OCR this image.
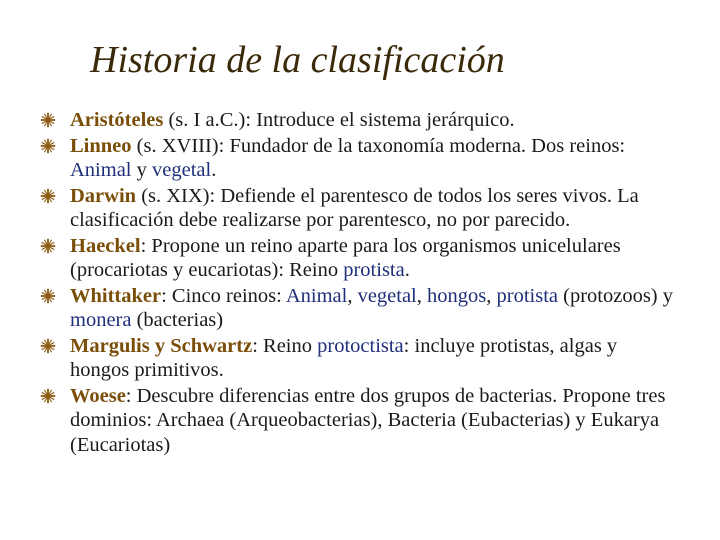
Historia de la clasificación
Aristóteles (s. I a.C.): Introduce el sistema jerárquico.
Linneo (s. XVIII): Fundador de la taxonomía moderna. Dos reinos: Animal y vegetal.
Darwin (s. XIX): Defiende el parentesco de todos los seres vivos. La clasificación debe realizarse por parentesco, no por parecido.
Haeckel: Propone un reino aparte para los organismos unicelulares (procariotas y eucariotas): Reino protista.
Whittaker: Cinco reinos: Animal, vegetal, hongos, protista (protozoos) y monera (bacterias)
Margulis y Schwartz: Reino protoctista: incluye protistas, algas y hongos primitivos.
Woese: Descubre diferencias entre dos grupos de bacterias. Propone tres dominios: Archaea (Arqueobacterias), Bacteria (Eubacterias) y Eukarya (Eucariotas)
